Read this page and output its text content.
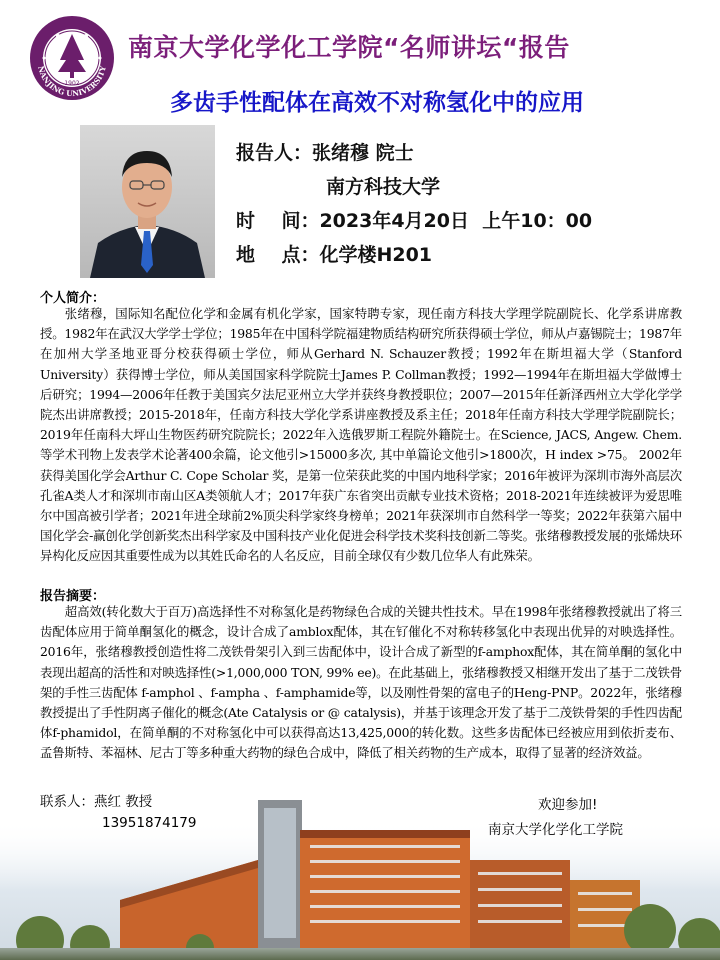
1902
NANJING UNIVERSITY
南京大学化学化工学院“名师讲坛“报告
多齿手性配体在高效不对称氢化中的应用
报告人：张绪穆 院士
南方科技大学
时    间：2023年4月20日  上午10：00
地    点：化学楼H201
个人简介：
张绪穆，国际知名配位化学和金属有机化学家，国家特聘专家，现任南方科技大学理学院副院长、化学系讲席教授。1982年在武汉大学学士学位；1985年在中国科学院福建物质结构研究所获得硕士学位，师从卢嘉锡院士；1987年在加州大学圣地亚哥分校获得硕士学位，师从Gerhard N. Schauzer教授；1992年在斯坦福大学（Stanford University）获得博士学位，师从美国国家科学院院士James P. Collman教授；1992—1994年在斯坦福大学做博士后研究；1994—2006年任教于美国宾夕法尼亚州立大学并获终身教授职位；2007—2015年任新泽西州立大学化学学院杰出讲席教授；2015-2018年，任南方科技大学化学系讲座教授及系主任；2018年任南方科技大学理学院副院长；2019年任南科大坪山生物医药研究院院长；2022年入选俄罗斯工程院外籍院士。在Science, JACS, Angew. Chem. 等学术刊物上发表学术论著400余篇，论文他引>15000多次, 其中单篇论文他引>1800次，H index >75。 2002年获得美国化学会Arthur C. Cope Scholar 奖，是第一位荣获此奖的中国内地科学家；2016年被评为深圳市海外高层次孔雀A类人才和深圳市南山区A类领航人才；2017年获广东省突出贡献专业技术资格；2018-2021年连续被评为爱思唯尔中国高被引学者；2021年进全球前2%顶尖科学家终身榜单；2021年获深圳市自然科学一等奖；2022年获第六届中国化学会-赢创化学创新奖杰出科学家及中国科技产业化促进会科学技术奖科技创新二等奖。张绪穆教授发展的张烯炔环异构化反应因其重要性成为以其姓氏命名的人名反应，目前全球仅有少数几位华人有此殊荣。
报告摘要：
超高效(转化数大于百万)高选择性不对称氢化是药物绿色合成的关键共性技术。早在1998年张绪穆教授就出了将三齿配体应用于简单酮氢化的概念，设计合成了amblox配体，其在钌催化不对称转移氢化中表现出优异的对映选择性。2016年，张绪穆教授创造性将二茂铁骨架引入到三齿配体中，设计合成了新型的f-amphox配体，其在简单酮的氢化中表现出超高的活性和对映选择性(>1,000,000 TON, 99% ee)。在此基础上，张绪穆教授又相继开发出了基于二茂铁骨架的手性三齿配体 f-amphol 、f-ampha 、f-amphamide等，以及刚性骨架的富电子的Heng-PNP。2022年，张绪穆教授提出了手性阴离子催化的概念(Ate Catalysis or @ catalysis)，并基于该理念开发了基于二茂铁骨架的手性四齿配体f-phamidol，在简单酮的不对称氢化中可以获得高达13,425,000的转化数。这些多齿配体已经被应用到依折麦布、孟鲁斯特、苯福林、尼古丁等多种重大药物的绿色合成中，降低了相关药物的生产成本，取得了显著的经济效益。
联系人：燕红 教授
13951874179
欢迎参加!
南京大学化学化工学院
